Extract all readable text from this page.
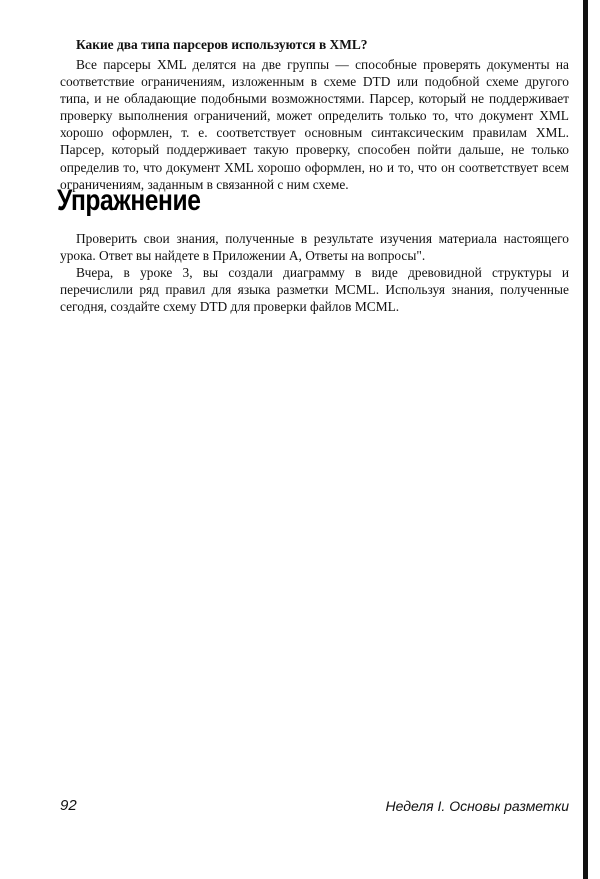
Какие два типа парсеров используются в XML?

Все парсеры XML делятся на две группы — способные проверять документы на соответствие ограничениям, изложенным в схеме DTD или подобной схеме другого типа, и не обладающие подобными возможностями. Парсер, который не поддерживает проверку выполнения ограничений, может определить только то, что документ XML хорошо оформлен, т. е. соответствует основным синтаксическим правилам XML. Парсер, который поддерживает такую проверку, способен пойти дальше, не только определив то, что документ XML хорошо оформлен, но и то, что он соответствует всем ограничениям, заданным в связанной с ним схеме.

Упражнение

Проверить свои знания, полученные в результате изучения материала настоящего урока. Ответ вы найдете в Приложении А, Ответы на вопросы".

Вчера, в уроке 3, вы создали диаграмму в виде древовидной структуры и перечислили ряд правил для языка разметки MCML. Используя знания, полученные сегодня, создайте схему DTD для проверки файлов MCML.

92	Неделя I. Основы разметки
